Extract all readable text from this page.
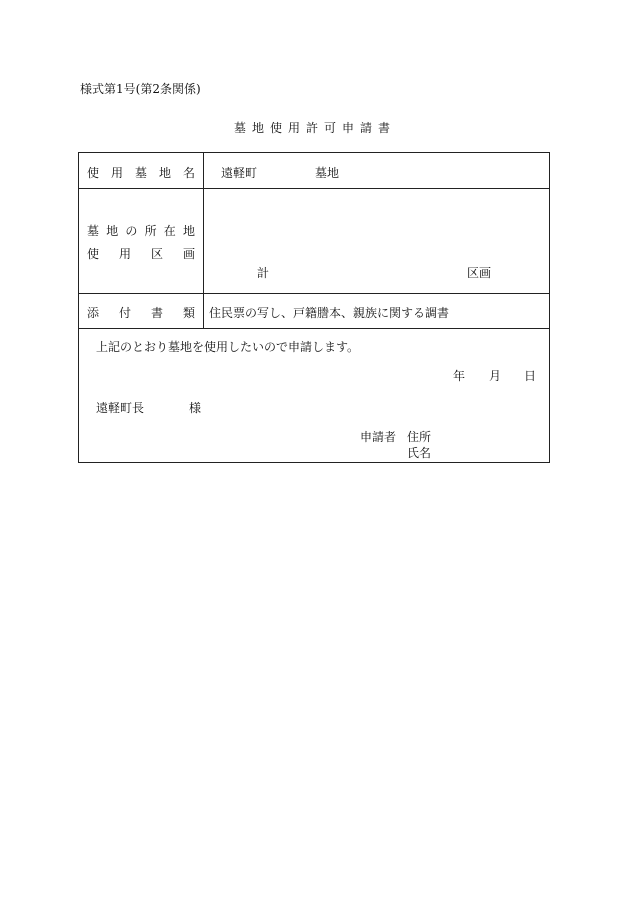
様式第1号(第2条関係)
墓地使用許可申請書
使 用 墓 地 名 遠軽町	墓地
墓 地 の 所 在 地
使 用 区 画
計	区画
添 付 書 類 住民票の写し、戸籍謄本、親族に関する調書
上記のとおり墓地を使用したいので申請します。
年 月 日
遠軽町長	様
申請者 住所
氏名
